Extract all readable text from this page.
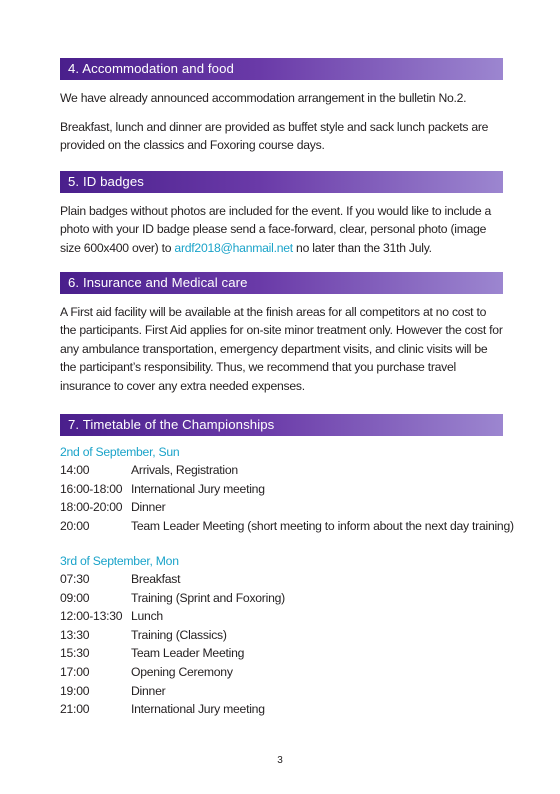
4. Accommodation and food

We have already announced accommodation arrangement in the bulletin No.2.

Breakfast, lunch and dinner are provided as buffet style and sack lunch packets are provided on the classics and Foxoring course days.

5. ID badges

Plain badges without photos are included for the event. If you would like to include a photo with your ID badge please send a face-forward, clear, personal photo (image size 600x400 over) to ardf2018@hanmail.net no later than the 31th July.

6. Insurance and Medical care

A First aid facility will be available at the finish areas for all competitors at no cost to the participants. First Aid applies for on-site minor treatment only. However the cost for any ambulance transportation, emergency department visits, and clinic visits will be the participant’s responsibility. Thus, we recommend that you purchase travel insurance to cover any extra needed expenses.

7. Timetable of the Championships
2nd of September, Sun
14:00	Arrivals, Registration
16:00-18:00 International Jury meeting
18:00-20:00 Dinner
20:00	Team Leader Meeting (short meeting to inform about the next day training)
3rd of September, Mon
07:30	Breakfast
09:00	Training (Sprint and Foxoring)
12:00-13:30 Lunch
13:30	Training (Classics)
15:30	Team Leader Meeting
17:00	Opening Ceremony
19:00	Dinner
21:00	International Jury meeting
3
